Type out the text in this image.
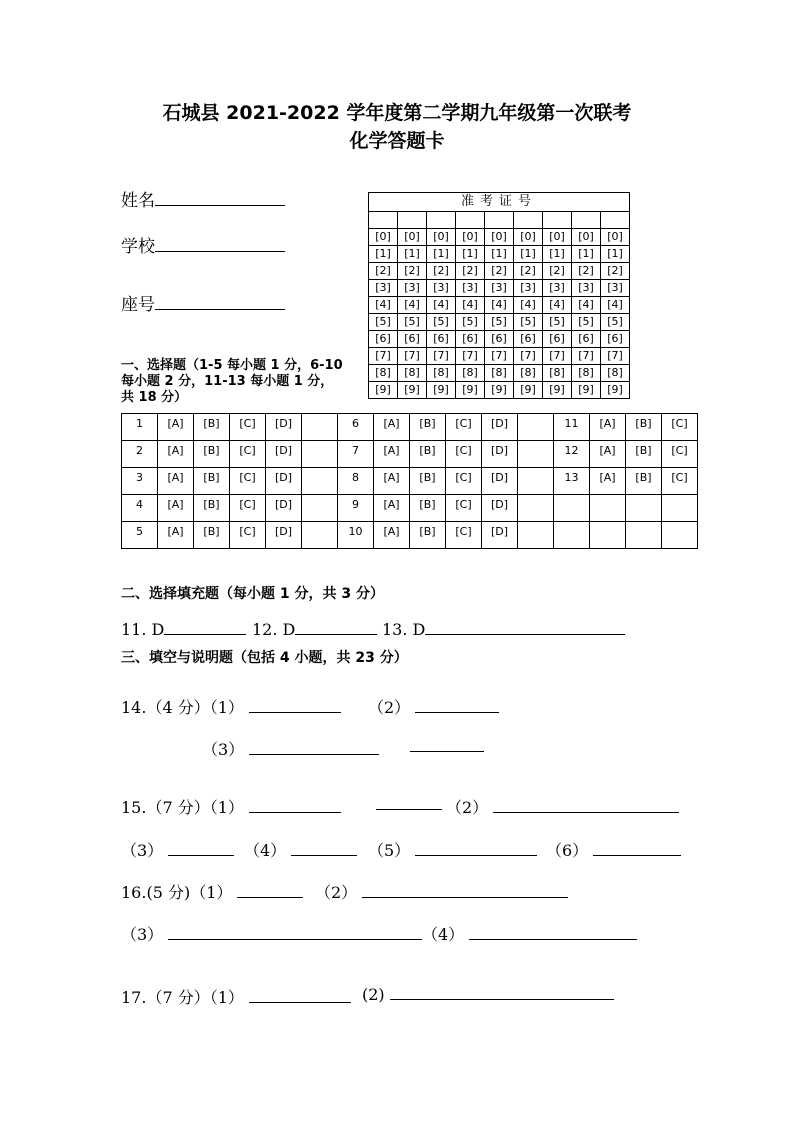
石城县 2021-2022 学年度第二学期九年级第一次联考
化学答题卡
姓名
学校
座号
准考证号								

[0]	[0]	[0]	[0]	[0]	[0]	[0]	[0]	[0]
[1]	[1]	[1]	[1]	[1]	[1]	[1]	[1]	[1]
[2]	[2]	[2]	[2]	[2]	[2]	[2]	[2]	[2]
[3]	[3]	[3]	[3]	[3]	[3]	[3]	[3]	[3]
[4]	[4]	[4]	[4]	[4]	[4]	[4]	[4]	[4]
[5]	[5]	[5]	[5]	[5]	[5]	[5]	[5]	[5]
[6]	[6]	[6]	[6]	[6]	[6]	[6]	[6]	[6]
[7]	[7]	[7]	[7]	[7]	[7]	[7]	[7]	[7]
[8]	[8]	[8]	[8]	[8]	[8]	[8]	[8]	[8]
[9]	[9]	[9]	[9]	[9]	[9]	[9]	[9]	[9]
一、选择题（1-5 每小题 1 分，6-10
每小题 2 分，11-13 每小题 1 分，
共 18 分）
1	[A]	[B]	[C]	[D]		6	[A]	[B]	[C]	[D]		11	[A]	[B]	[C]

2	[A]	[B]	[C]	[D]		7	[A]	[B]	[C]	[D]		12	[A]	[B]	[C]

3	[A]	[B]	[C]	[D]		8	[A]	[B]	[C]	[D]		13	[A]	[B]	[C]

4	[A]	[B]	[C]	[D]		9	[A]	[B]	[C]	[D]					

5	[A]	[B]	[C]	[D]		10	[A]	[B]	[C]	[D]					

二、选择填充题（每小题 1 分，共 3 分）
11. D	12. D	13. D
三、填空与说明题（包括 4 小题，共 23 分）
14.（4 分）（1）	（2）
（3）
15.（7 分）（1）	（2）
（3）	（4）	（5）	（6）
16.(5 分)（1）	（2）
（3）	（4）
17.（7 分）（1）	(2)
